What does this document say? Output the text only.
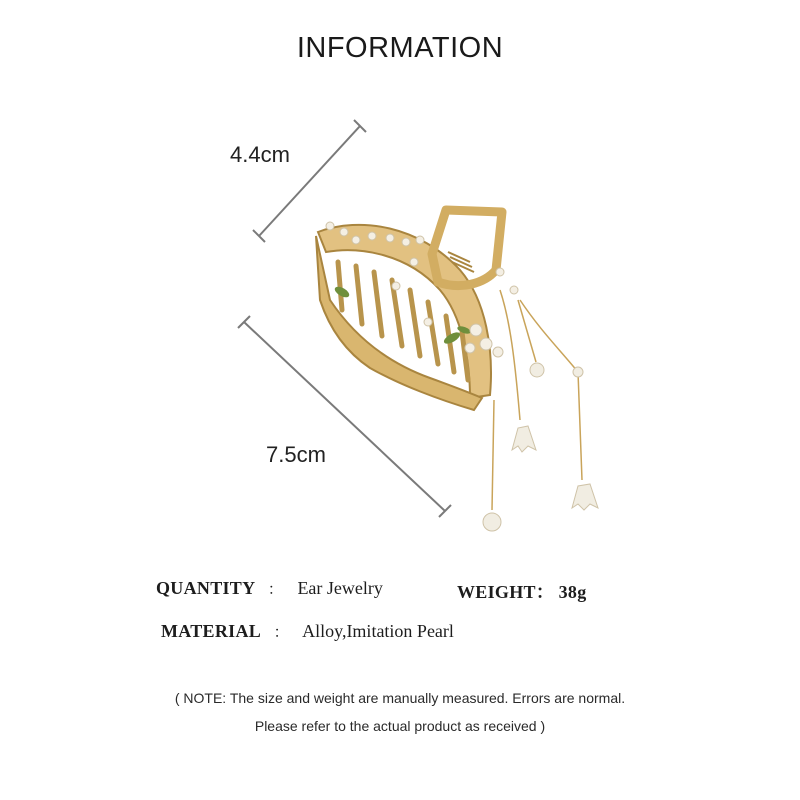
INFORMATION
4.4cm
7.5cm
QUANTITY ： Ear Jewelry	WEIGHT： 38g
MATERIAL ： Alloy,Imitation Pearl
( NOTE: The size and weight are manually measured. Errors are normal.
Please refer to the actual product as received )
